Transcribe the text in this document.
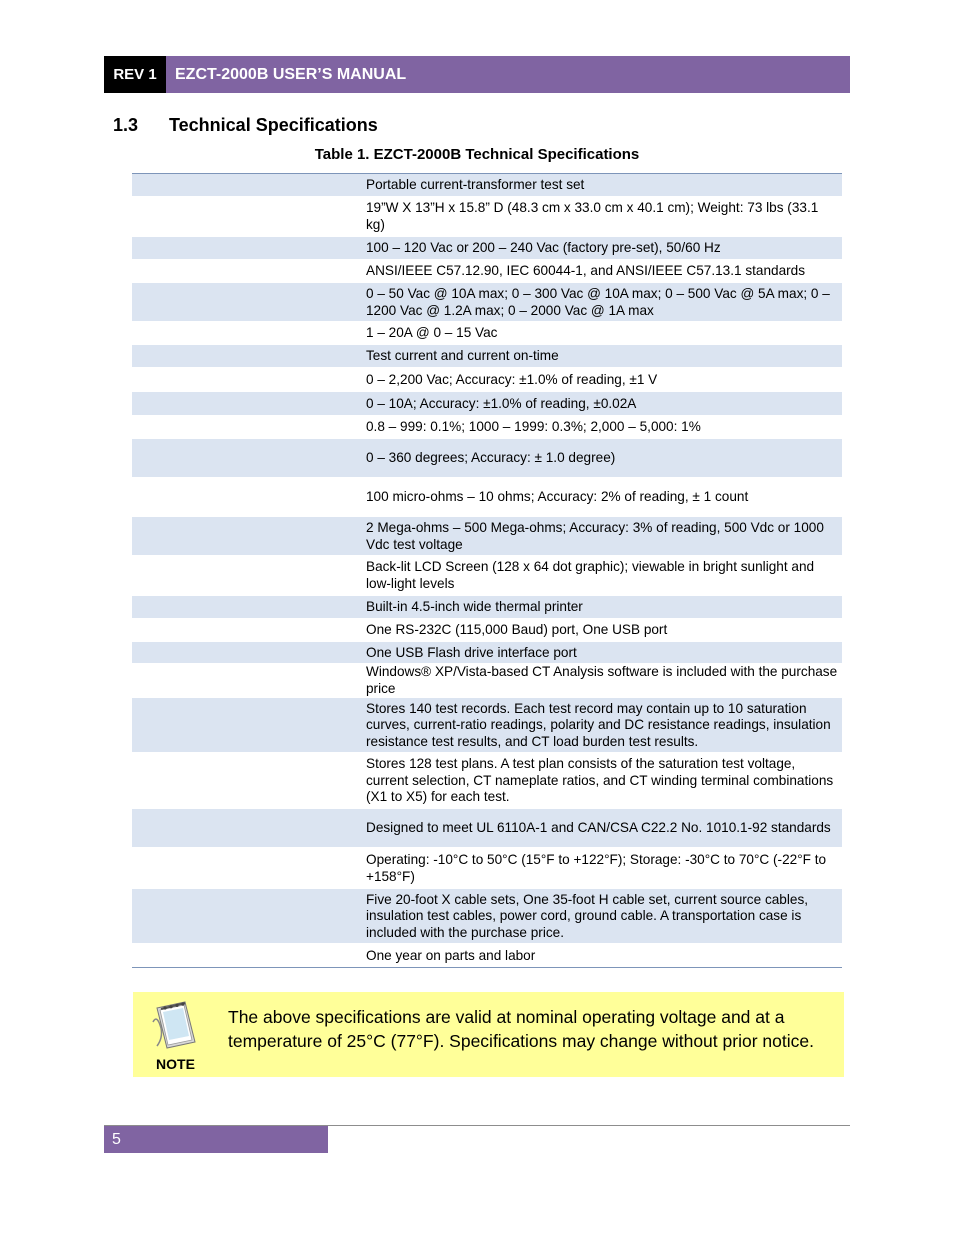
REV 1	EZCT-2000B USER’S MANUAL
1.3	Technical Specifications
Table 1. EZCT-2000B Technical Specifications
Portable current-transformer test set
19”W X 13”H x 15.8” D (48.3 cm x 33.0 cm x 40.1 cm); Weight: 73 lbs (33.1 kg)
100 – 120 Vac or 200 – 240 Vac (factory pre-set), 50/60 Hz
ANSI/IEEE C57.12.90, IEC 60044-1, and ANSI/IEEE C57.13.1 standards
0 – 50 Vac @ 10A max; 0 – 300 Vac @ 10A max; 0 – 500 Vac @ 5A max; 0 – 1200 Vac @ 1.2A max; 0 – 2000 Vac @ 1A max
1 – 20A @ 0 – 15 Vac
Test current and current on-time
0 – 2,200 Vac; Accuracy: ±1.0% of reading, ±1 V
0 – 10A; Accuracy: ±1.0% of reading, ±0.02A
0.8 – 999: 0.1%; 1000 – 1999: 0.3%; 2,000 – 5,000: 1%
0 – 360 degrees; Accuracy: ± 1.0 degree)
100 micro-ohms – 10 ohms; Accuracy: 2% of reading, ± 1 count
2 Mega-ohms – 500 Mega-ohms; Accuracy: 3% of reading, 500 Vdc or 1000 Vdc test voltage
Back-lit LCD Screen (128 x 64 dot graphic); viewable in bright sunlight and low-light levels
Built-in 4.5-inch wide thermal printer
One RS-232C (115,000 Baud) port, One USB port
One USB Flash drive interface port
Windows® XP/Vista-based CT Analysis software is included with the purchase price
Stores 140 test records. Each test record may contain up to 10 saturation curves, current-ratio readings, polarity and DC resistance readings, insulation resistance test results, and CT load burden test results.
Stores 128 test plans. A test plan consists of the saturation test voltage, current selection, CT nameplate ratios, and CT winding terminal combinations (X1 to X5) for each test.
Designed to meet UL 6110A-1 and CAN/CSA C22.2 No. 1010.1-92 standards
Operating: -10°C to 50°C (15°F to +122°F); Storage: -30°C to 70°C (-22°F to +158°F)
Five 20-foot X cable sets, One 35-foot H cable set, current source cables, insulation test cables, power cord, ground cable. A transportation case is included with the purchase price.
One year on parts and labor
NOTE
The above specifications are valid at nominal operating voltage and at a temperature of 25°C (77°F). Specifications may change without prior notice.
5
